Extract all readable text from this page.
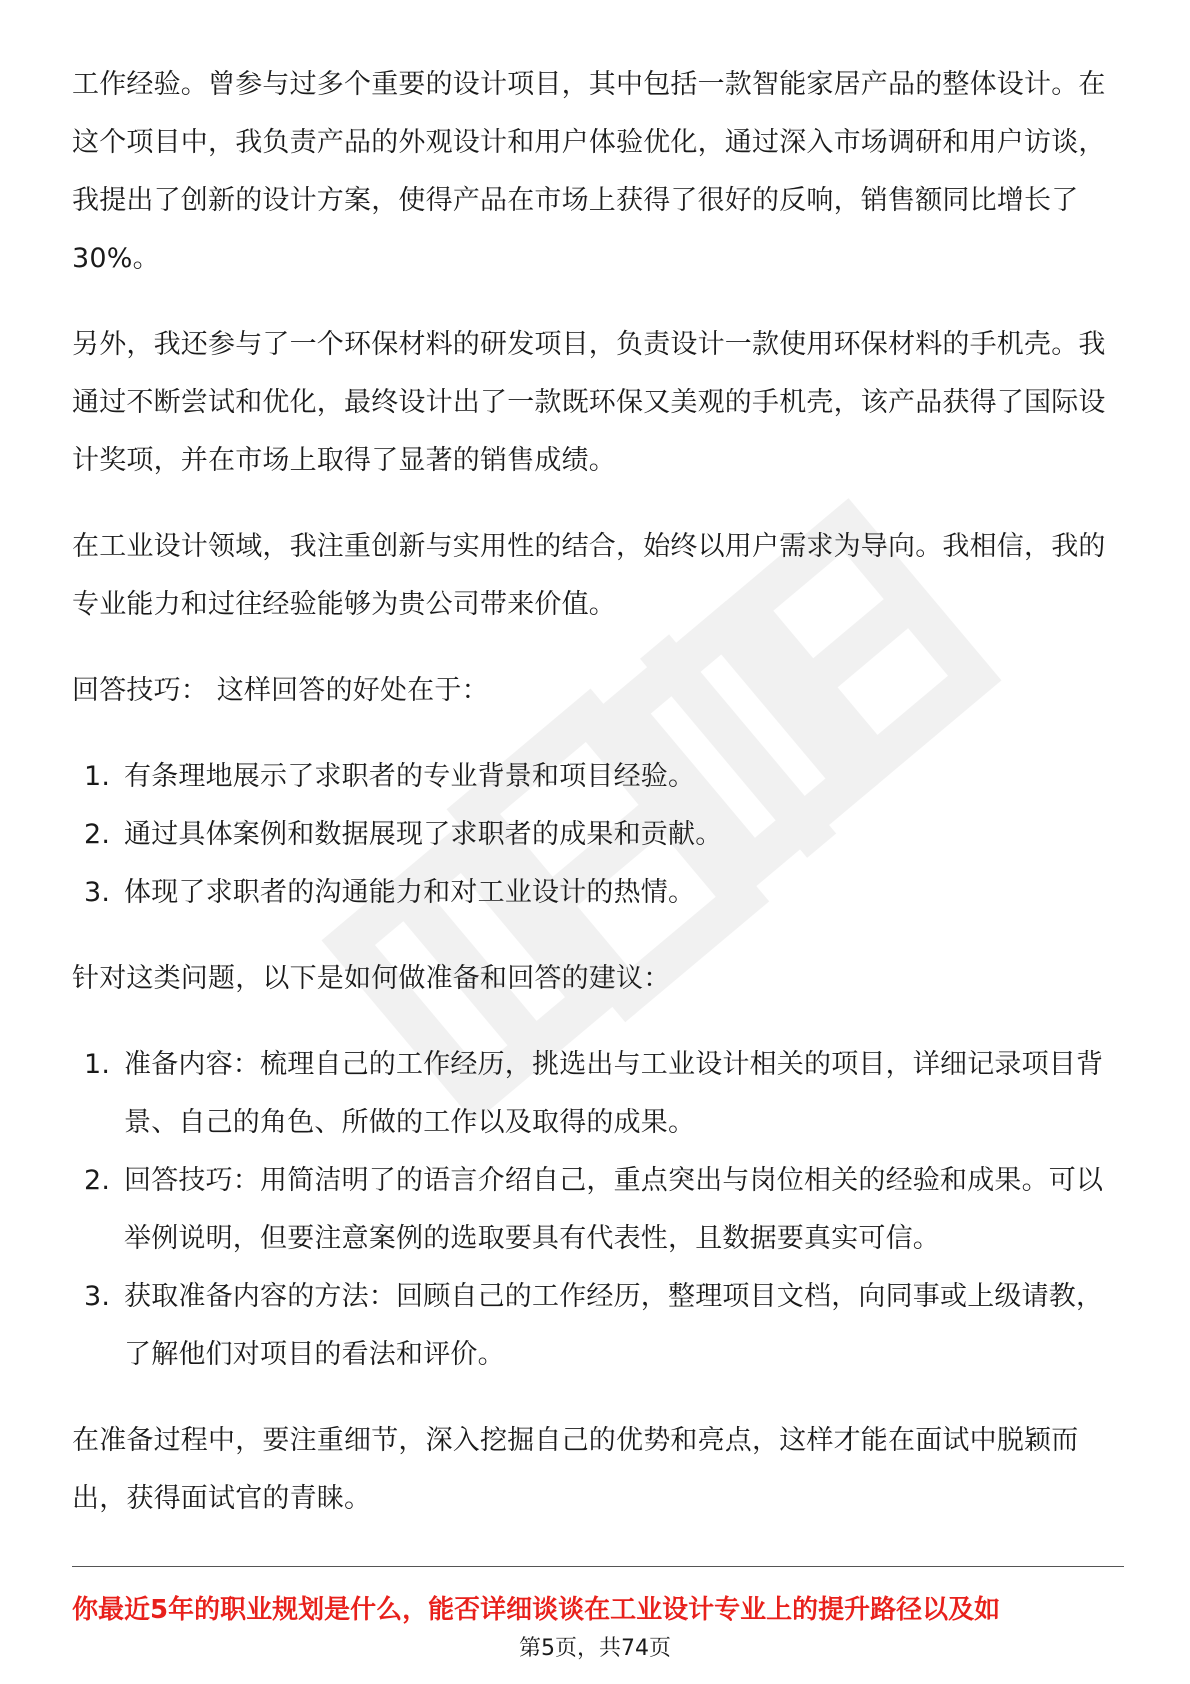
工作经验。曾参与过多个重要的设计项目，其中包括一款智能家居产品的整体设计。在这个项目中，我负责产品的外观设计和用户体验优化，通过深入市场调研和用户访谈，我提出了创新的设计方案，使得产品在市场上获得了很好的反响，销售额同比增长了30%。

另外，我还参与了一个环保材料的研发项目，负责设计一款使用环保材料的手机壳。我通过不断尝试和优化，最终设计出了一款既环保又美观的手机壳，该产品获得了国际设计奖项，并在市场上取得了显著的销售成绩。

在工业设计领域，我注重创新与实用性的结合，始终以用户需求为导向。我相信，我的专业能力和过往经验能够为贵公司带来价值。

回答技巧： 这样回答的好处在于：

1. 有条理地展示了求职者的专业背景和项目经验。
2. 通过具体案例和数据展现了求职者的成果和贡献。
3. 体现了求职者的沟通能力和对工业设计的热情。

针对这类问题，以下是如何做准备和回答的建议：

1. 准备内容：梳理自己的工作经历，挑选出与工业设计相关的项目，详细记录项目背景、自己的角色、所做的工作以及取得的成果。
2. 回答技巧：用简洁明了的语言介绍自己，重点突出与岗位相关的经验和成果。可以举例说明，但要注意案例的选取要具有代表性，且数据要真实可信。
3. 获取准备内容的方法：回顾自己的工作经历，整理项目文档，向同事或上级请教，了解他们对项目的看法和评价。

在准备过程中，要注重细节，深入挖掘自己的优势和亮点，这样才能在面试中脱颖而出，获得面试官的青睐。

你最近5年的职业规划是什么，能否详细谈谈在工业设计专业上的提升路径以及如
第5页，共74页
